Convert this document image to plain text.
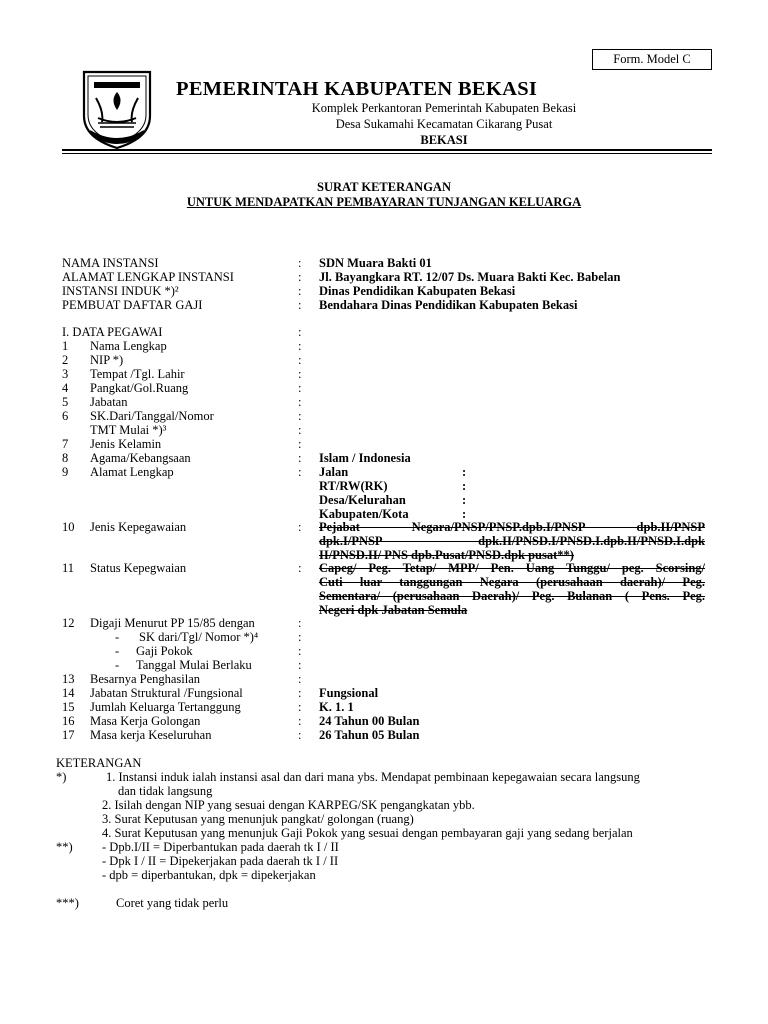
Form. Model C
PEMERINTAH KABUPATEN BEKASI
Komplek Perkantoran Pemerintah Kabupaten Bekasi
Desa Sukamahi Kecamatan Cikarang Pusat
BEKASI
SURAT KETERANGAN
UNTUK MENDAPATKAN PEMBAYARAN TUNJANGAN KELUARGA
NAMA INSTANSI	: SDN Muara Bakti 01
ALAMAT LENGKAP INSTANSI	: Jl. Bayangkara RT. 12/07 Ds. Muara Bakti Kec. Babelan
INSTANSI INDUK *)²	: Dinas Pendidikan Kabupaten Bekasi
PEMBUAT DAFTAR GAJI	: Bendahara Dinas Pendidikan Kabupaten Bekasi
I. DATA PEGAWAI	:
1 Nama Lengkap	:
2 NIP *)	:
3 Tempat /Tgl. Lahir	:
4 Pangkat/Gol.Ruang	:
5 Jabatan	:
6 SK.Dari/Tanggal/Nomor	:
TMT Mulai *)³	:
7 Jenis Kelamin	:
8 Agama/Kebangsaan	: Islam / Indonesia
9 Alamat Lengkap	: Jalan	:
RT/RW(RK)	:
Desa/Kelurahan	:
Kabupaten/Kota	:
10 Jenis Kepegawaian	: Pejabat Negara/PNSP/PNSP.dpb.I/PNSP dpb.II/PNSP
dpk.I/PNSP dpk.II/PNSD.I/PNSD.I.dpb.II/PNSD.I.dpk
II/PNSD.II/ PNS dpb.Pusat/PNSD.dpk pusat**)
11 Status Kepegwaian	: Capeg/ Peg. Tetap/ MPP/ Pen. Uang Tunggu/ peg. Scorsing/
Cuti luar tanggungan Negara (perusahaan daerah)/ Peg.
Sementara/ (perusahaan Daerah)/ Peg. Bulanan ( Pens. Peg.
Negeri dpk Jabatan Semula
12 Digaji Menurut PP 15/85 dengan	:
- SK dari/Tgl/ Nomor *)⁴	:
- Gaji Pokok	:
- Tanggal Mulai Berlaku	:
13 Besarnya Penghasilan	:
14 Jabatan Struktural /Fungsional	: Fungsional
15 Jumlah Keluarga Tertanggung	: K. 1. 1
16 Masa Kerja Golongan	: 24 Tahun 00 Bulan
17 Masa kerja Keseluruhan	: 26 Tahun 05 Bulan
KETERANGAN
*)	1. Instansi induk ialah instansi asal dan dari mana ybs. Mendapat pembinaan kepegawaian secara langsung
dan tidak langsung
2. Isilah dengan NIP yang sesuai dengan KARPEG/SK pengangkatan ybb.
3. Surat Keputusan yang menunjuk pangkat/ golongan (ruang)
4. Surat Keputusan yang menunjuk Gaji Pokok yang sesuai dengan pembayaran gaji yang sedang berjalan
**) - Dpb.I/II = Diperbantukan pada daerah tk I / II
- Dpk I / II = Dipekerjakan pada daerah tk I / II
- dpb = diperbantukan, dpk = dipekerjakan
***)	Coret yang tidak perlu
